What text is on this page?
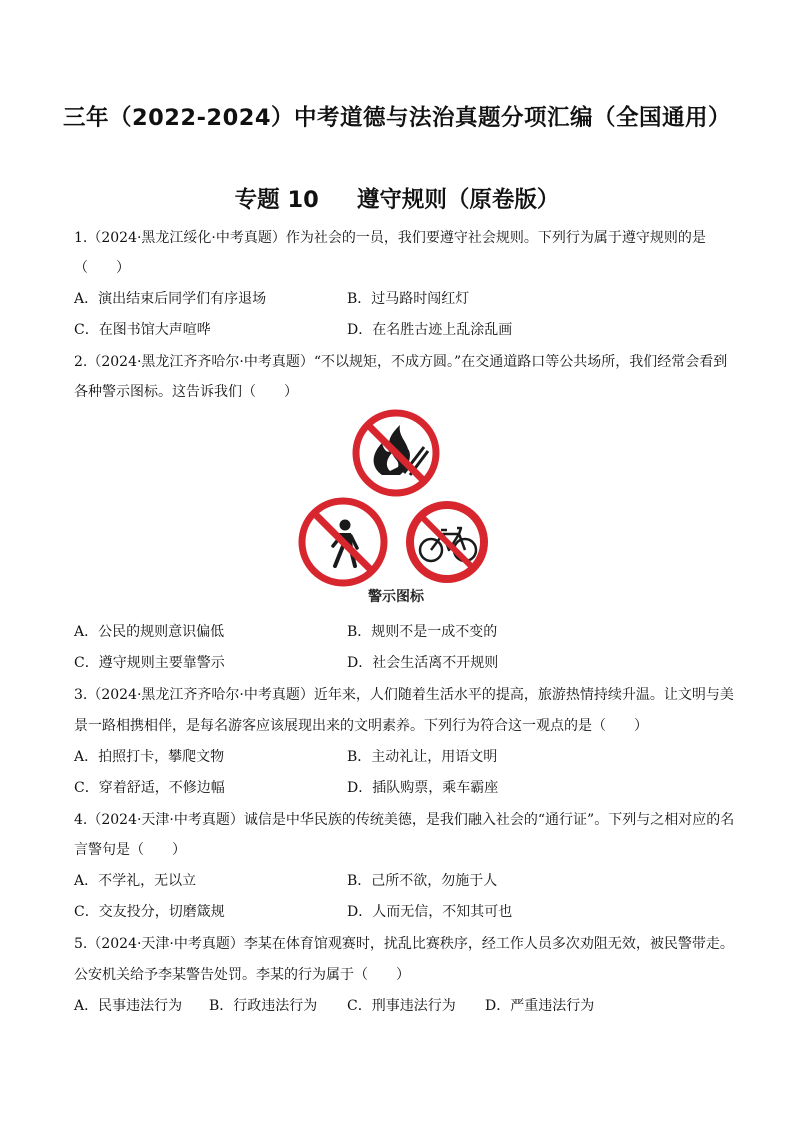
三年（2022-2024）中考道德与法治真题分项汇编（全国通用）
专题 10 遵守规则（原卷版）
1.（2024·黑龙江绥化·中考真题）作为社会的一员，我们要遵守社会规则。下列行为属于遵守规则的是
（　　）
A．演出结束后同学们有序退场	B．过马路时闯红灯
C．在图书馆大声喧哗	D．在名胜古迹上乱涂乱画
2.（2024·黑龙江齐齐哈尔·中考真题）“不以规矩，不成方圆。”在交通道路口等公共场所，我们经常会看到
各种警示图标。这告诉我们（　　）
警示图标
A．公民的规则意识偏低	B．规则不是一成不变的
C．遵守规则主要靠警示	D．社会生活离不开规则
3.（2024·黑龙江齐齐哈尔·中考真题）近年来，人们随着生活水平的提高，旅游热情持续升温。让文明与美
景一路相携相伴，是每名游客应该展现出来的文明素养。下列行为符合这一观点的是（　　）
A．拍照打卡，攀爬文物	B．主动礼让，用语文明
C．穿着舒适，不修边幅	D．插队购票，乘车霸座
4.（2024·天津·中考真题）诚信是中华民族的传统美德，是我们融入社会的“通行证”。下列与之相对应的名
言警句是（　　）
A．不学礼，无以立	B．己所不欲，勿施于人
C．交友投分，切磨箴规	D．人而无信，不知其可也
5.（2024·天津·中考真题）李某在体育馆观赛时，扰乱比赛秩序，经工作人员多次劝阻无效，被民警带走。
公安机关给予李某警告处罚。李某的行为属于（　　）
A．民事违法行为 B．行政违法行为 C．刑事违法行为 D．严重违法行为
